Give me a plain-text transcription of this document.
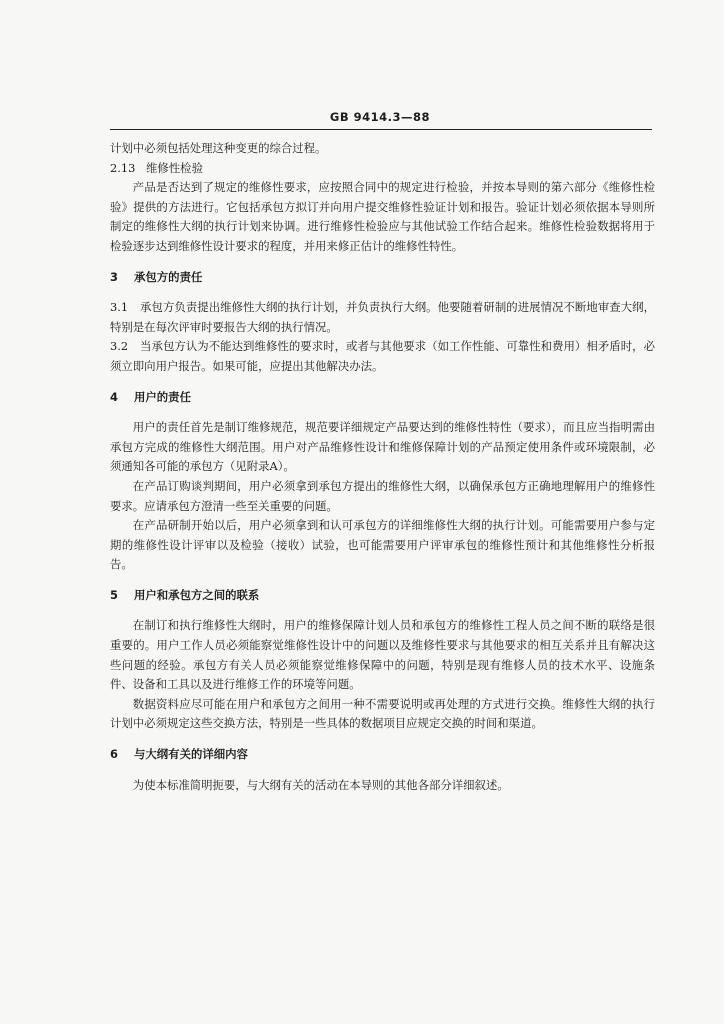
GB 9414.3—88

计划中必须包括处理这种变更的综合过程。

2.13 维修性检验

产品是否达到了规定的维修性要求，应按照合同中的规定进行检验，并按本导则的第六部分《维修性检验》提供的方法进行。它包括承包方拟订并向用户提交维修性验证计划和报告。验证计划必须依据本导则所制定的维修性大纲的执行计划来协调。进行维修性检验应与其他试验工作结合起来。维修性检验数据将用于检验逐步达到维修性设计要求的程度，并用来修正估计的维修性特性。

3 承包方的责任

3.1 承包方负责提出维修性大纲的执行计划，并负责执行大纲。他要随着研制的进展情况不断地审查大纲，特别是在每次评审时要报告大纲的执行情况。

3.2 当承包方认为不能达到维修性的要求时，或者与其他要求（如工作性能、可靠性和费用）相矛盾时，必须立即向用户报告。如果可能，应提出其他解决办法。

4 用户的责任

用户的责任首先是制订维修规范，规范要详细规定产品要达到的维修性特性（要求），而且应当指明需由承包方完成的维修性大纲范围。用户对产品维修性设计和维修保障计划的产品预定使用条件或环境限制，必须通知各可能的承包方（见附录A）。

在产品订购谈判期间，用户必须拿到承包方提出的维修性大纲，以确保承包方正确地理解用户的维修性要求。应请承包方澄清一些至关重要的问题。

在产品研制开始以后，用户必须拿到和认可承包方的详细维修性大纲的执行计划。可能需要用户参与定期的维修性设计评审以及检验（接收）试验，也可能需要用户评审承包的维修性预计和其他维修性分析报告。

5 用户和承包方之间的联系

在制订和执行维修性大纲时，用户的维修保障计划人员和承包方的维修性工程人员之间不断的联络是很重要的。用户工作人员必须能察觉维修性设计中的问题以及维修性要求与其他要求的相互关系并且有解决这些问题的经验。承包方有关人员必须能察觉维修保障中的问题，特别是现有维修人员的技术水平、设施条件、设备和工具以及进行维修工作的环境等问题。

数据资料应尽可能在用户和承包方之间用一种不需要说明或再处理的方式进行交换。维修性大纲的执行计划中必须规定这些交换方法，特别是一些具体的数据项目应规定交换的时间和渠道。

6 与大纲有关的详细内容

为使本标准简明扼要，与大纲有关的活动在本导则的其他各部分详细叙述。
